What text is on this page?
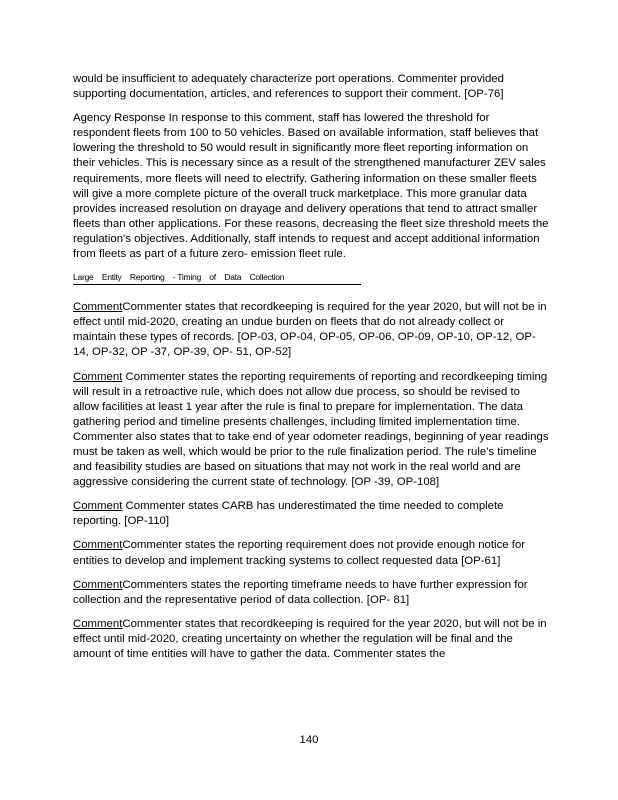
would be insufficient to adequately characterize port operations. Commenter provided supporting documentation, articles, and references to support their comment. [OP-76]

Agency Response In response to this comment, staff has lowered the threshold for respondent fleets from 100 to 50 vehicles. Based on available information, staff believes that lowering the threshold to 50 would result in significantly more fleet reporting information on their vehicles. This is necessary since as a result of the strengthened manufacturer ZEV sales requirements, more fleets will need to electrify. Gathering information on these smaller fleets will give a more complete picture of the overall truck marketplace. This more granular data provides increased resolution on drayage and delivery operations that tend to attract smaller fleets than other applications. For these reasons, decreasing the fleet size threshold meets the regulation's objectives. Additionally, staff intends to request and accept additional information from fleets as part of a future zero- emission fleet rule.

Large    Entity    Reporting    - Timing    of    Data    Collection

CommentCommenter states that recordkeeping is required for the year 2020, but will not be in effect until mid-2020, creating an undue burden on fleets that do not already collect or maintain these types of records. [OP-03, OP-04, OP-05, OP-06, OP-09, OP-10, OP-12, OP-14, OP-32, OP -37, OP-39, OP- 51, OP-52]

Comment Commenter states the reporting requirements of reporting and recordkeeping timing will result in a retroactive rule, which does not allow due process, so should be revised to allow facilities at least 1 year after the rule is final to prepare for implementation. The data gathering period and timeline presents challenges, including limited implementation time. Commenter also states that to take end of year odometer readings, beginning of year readings must be taken as well, which would be prior to the rule finalization period. The rule's timeline and feasibility studies are based on situations that may not work in the real world and are aggressive considering the current state of technology. [OP -39, OP-108]

Comment Commenter states CARB has underestimated the time needed to complete reporting. [OP-110]

CommentCommenter states the reporting requirement does not provide enough notice for entities to develop and implement tracking systems to collect requested data [OP-61]

CommentCommenters states the reporting timeframe needs to have further expression for collection and the representative period of data collection. [OP- 81]

CommentCommenter states that recordkeeping is required for the year 2020, but will not be in effect until mid-2020, creating uncertainty on whether the regulation will be final and the amount of time entities will have to gather the data. Commenter states the

140
